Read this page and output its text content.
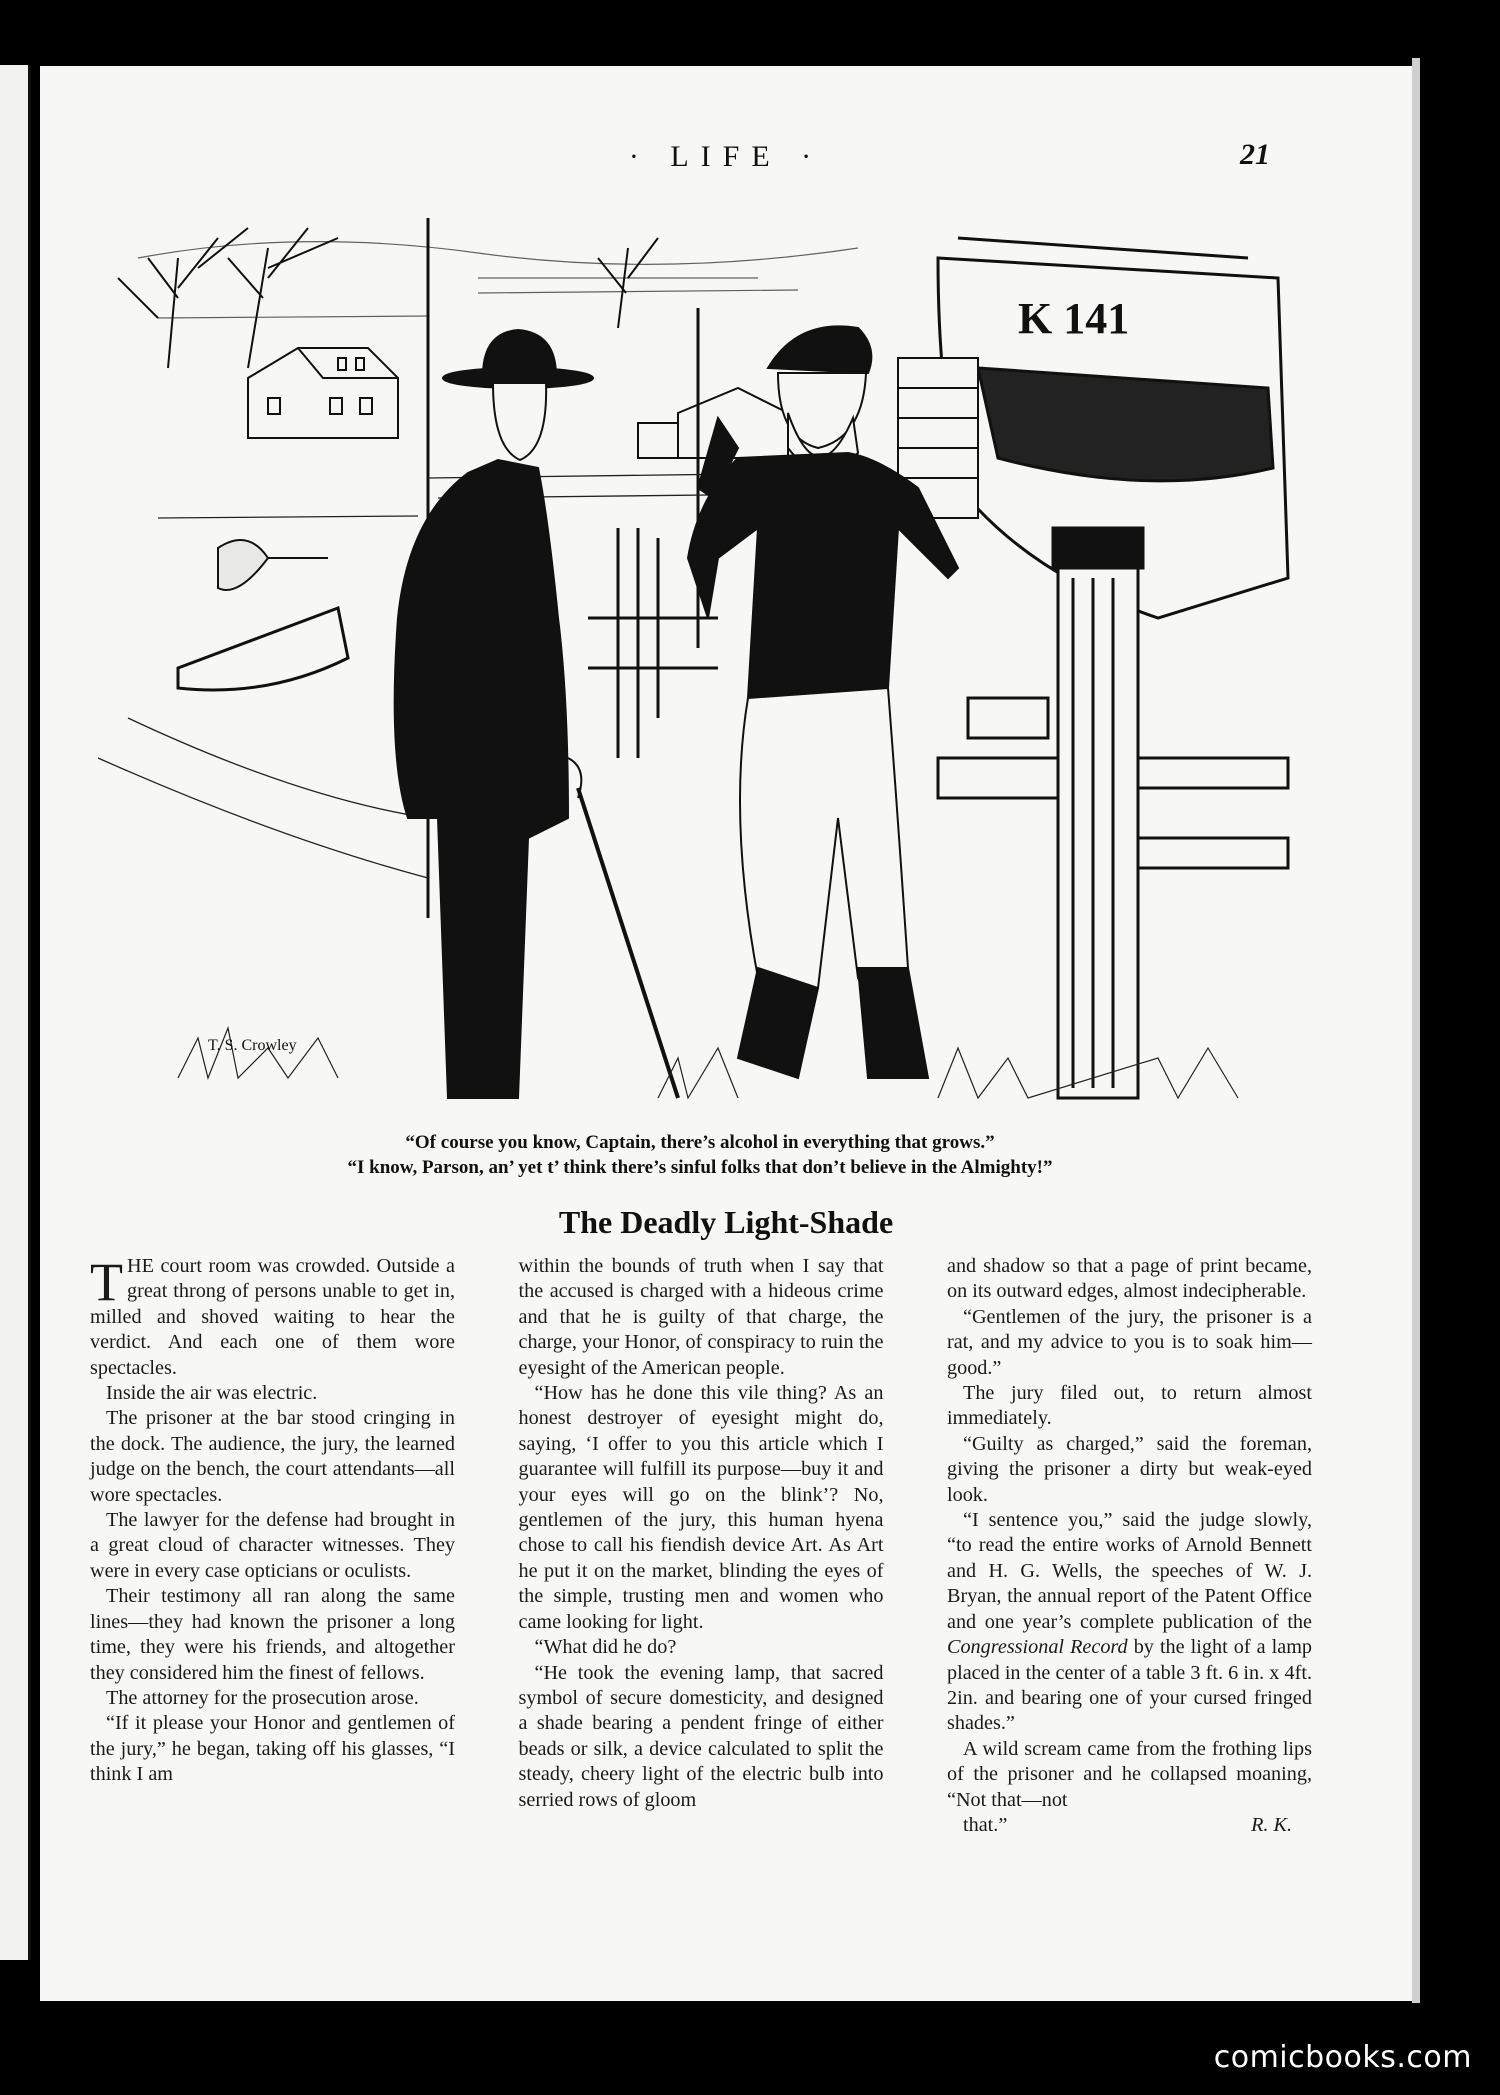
· LIFE ·	21
K 141
T. S. Crowley
“Of course you know, Captain, there’s alcohol in everything that grows.”
“I know, Parson, an’ yet t’ think there’s sinful folks that don’t believe in the Almighty!”
The Deadly Light-Shade

THE court room was crowded. Outside a great throng of persons unable to get in, milled and shoved waiting to hear the verdict. And each one of them wore spectacles.

Inside the air was electric.

The prisoner at the bar stood cringing in the dock. The audience, the jury, the learned judge on the bench, the court attendants—all wore spectacles.

The lawyer for the defense had brought in a great cloud of character witnesses. They were in every case opticians or oculists.

Their testimony all ran along the same lines—they had known the prisoner a long time, they were his friends, and altogether they considered him the finest of fellows.

The attorney for the prosecution arose.

“If it please your Honor and gentlemen of the jury,” he began, taking off his glasses, “I think I am

within the bounds of truth when I say that the accused is charged with a hideous crime and that he is guilty of that charge, the charge, your Honor, of conspiracy to ruin the eyesight of the American people.

“How has he done this vile thing? As an honest destroyer of eyesight might do, saying, ‘I offer to you this article which I guarantee will fulfill its purpose—buy it and your eyes will go on the blink’? No, gentlemen of the jury, this human hyena chose to call his fiendish device Art. As Art he put it on the market, blinding the eyes of the simple, trusting men and women who came looking for light.

“What did he do?

“He took the evening lamp, that sacred symbol of secure domesticity, and designed a shade bearing a pendent fringe of either beads or silk, a device calculated to split the steady, cheery light of the electric bulb into serried rows of gloom

and shadow so that a page of print became, on its outward edges, almost indecipherable.

“Gentlemen of the jury, the prisoner is a rat, and my advice to you is to soak him—good.”

The jury filed out, to return almost immediately.

“Guilty as charged,” said the foreman, giving the prisoner a dirty but weak-eyed look.

“I sentence you,” said the judge slowly, “to read the entire works of Arnold Bennett and H. G. Wells, the speeches of W. J. Bryan, the annual report of the Patent Office and one year’s complete publication of the Congressional Record by the light of a lamp placed in the center of a table 3 ft. 6 in. x 4ft. 2in. and bearing one of your cursed fringed shades.”

A wild scream came from the frothing lips of the prisoner and he collapsed moaning, “Not that—not

that.”	R. K.

comicbooks.com
